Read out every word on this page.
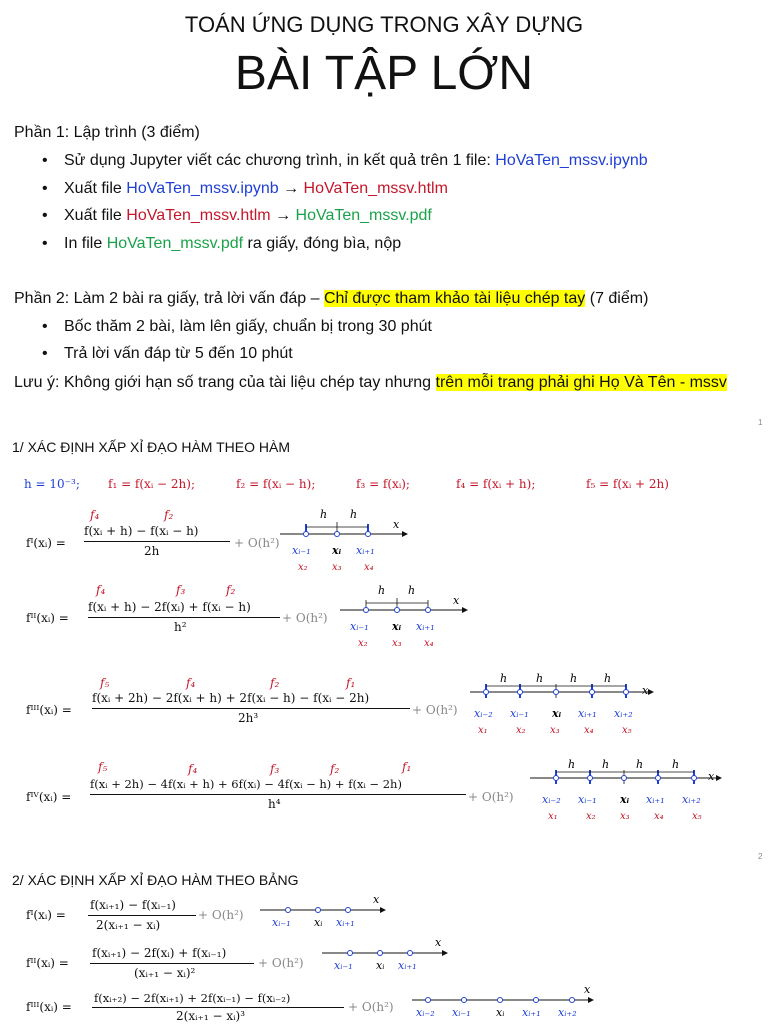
TOÁN ỨNG DỤNG TRONG XÂY DỰNG
BÀI TẬP LỚN
Phần 1: Lập trình (3 điểm)
• Sử dụng Jupyter viết các chương trình, in kết quả trên 1 file: HoVaTen_mssv.ipynb
• Xuất file HoVaTen_mssv.ipynb → HoVaTen_mssv.htlm
• Xuất file HoVaTen_mssv.htlm → HoVaTen_mssv.pdf
• In file HoVaTen_mssv.pdf ra giấy, đóng bìa, nộp
Phần 2: Làm 2 bài ra giấy, trả lời vấn đáp – Chỉ được tham khảo tài liệu chép tay (7 điểm)
• Bốc thăm 2 bài, làm lên giấy, chuẩn bị trong 30 phút
• Trả lời vấn đáp từ 5 đến 10 phút
Lưu ý: Không giới hạn số trang của tài liệu chép tay nhưng trên mỗi trang phải ghi Họ Và Tên - mssv
1
2
1/ XÁC ĐỊNH XẤP XỈ ĐẠO HÀM THEO HÀM
h = 10⁻³; f₁ = f(xᵢ − 2h);	f₂ = f(xᵢ − h);	f₃ = f(xᵢ);	f₄ = f(xᵢ + h);	f₅ = f(xᵢ + 2h)
f₄	f₂
fᴵ(xᵢ) =
f(xᵢ + h) − f(xᵢ − h)
2h
+ O(h²)
f₄	f₃	f₂
fᴵᴵ(xᵢ) =
f(xᵢ + h) − 2f(xᵢ) + f(xᵢ − h)
h²
+ O(h²)
f₅	f₄	f₂	f₁
fᴵᴵᴵ(xᵢ) =
f(xᵢ + 2h) − 2f(xᵢ + h) + 2f(xᵢ − h) − f(xᵢ − 2h)
2h³
+ O(h²)
f₅	f₄	f₃	f₂	f₁
fᴵⱽ(xᵢ) =
f(xᵢ + 2h) − 4f(xᵢ + h) + 6f(xᵢ) − 4f(xᵢ − h) + f(xᵢ − 2h)
h⁴	+ O(h²)
h h
x
xᵢ₋₁ xᵢ xᵢ₊₁
x₂ x₃ x₄
h h
x
xᵢ₋₁ xᵢ xᵢ₊₁
x₂ x₃ x₄
h	h h h
x
xᵢ₋₂ xᵢ₋₁ xᵢ xᵢ₊₁ xᵢ₊₂
x₁	x₂ x₃ x₄	x₅
h h h	h
x
xᵢ₋₂ xᵢ₋₁ xᵢ xᵢ₊₁ xᵢ₊₂
x₁	x₂ x₃ x₄	x₅
2/ XÁC ĐỊNH XẤP XỈ ĐẠO HÀM THEO BẢNG
fᴵ(xᵢ) =
f(xᵢ₊₁) − f(xᵢ₋₁)
2(xᵢ₊₁ − xᵢ)
+ O(h²)
fᴵᴵ(xᵢ) =
f(xᵢ₊₁) − 2f(xᵢ) + f(xᵢ₋₁)
(xᵢ₊₁ − xᵢ)²
+ O(h²)
fᴵᴵᴵ(xᵢ) =
f(xᵢ₊₂) − 2f(xᵢ₊₁) + 2f(xᵢ₋₁) − f(xᵢ₋₂)
2(xᵢ₊₁ − xᵢ)³
+ O(h²)
x
xᵢ₋₁ xᵢ xᵢ₊₁
x
xᵢ₋₁ xᵢ xᵢ₊₁
x
xᵢ₋₂ xᵢ₋₁ xᵢ xᵢ₊₁ xᵢ₊₂
